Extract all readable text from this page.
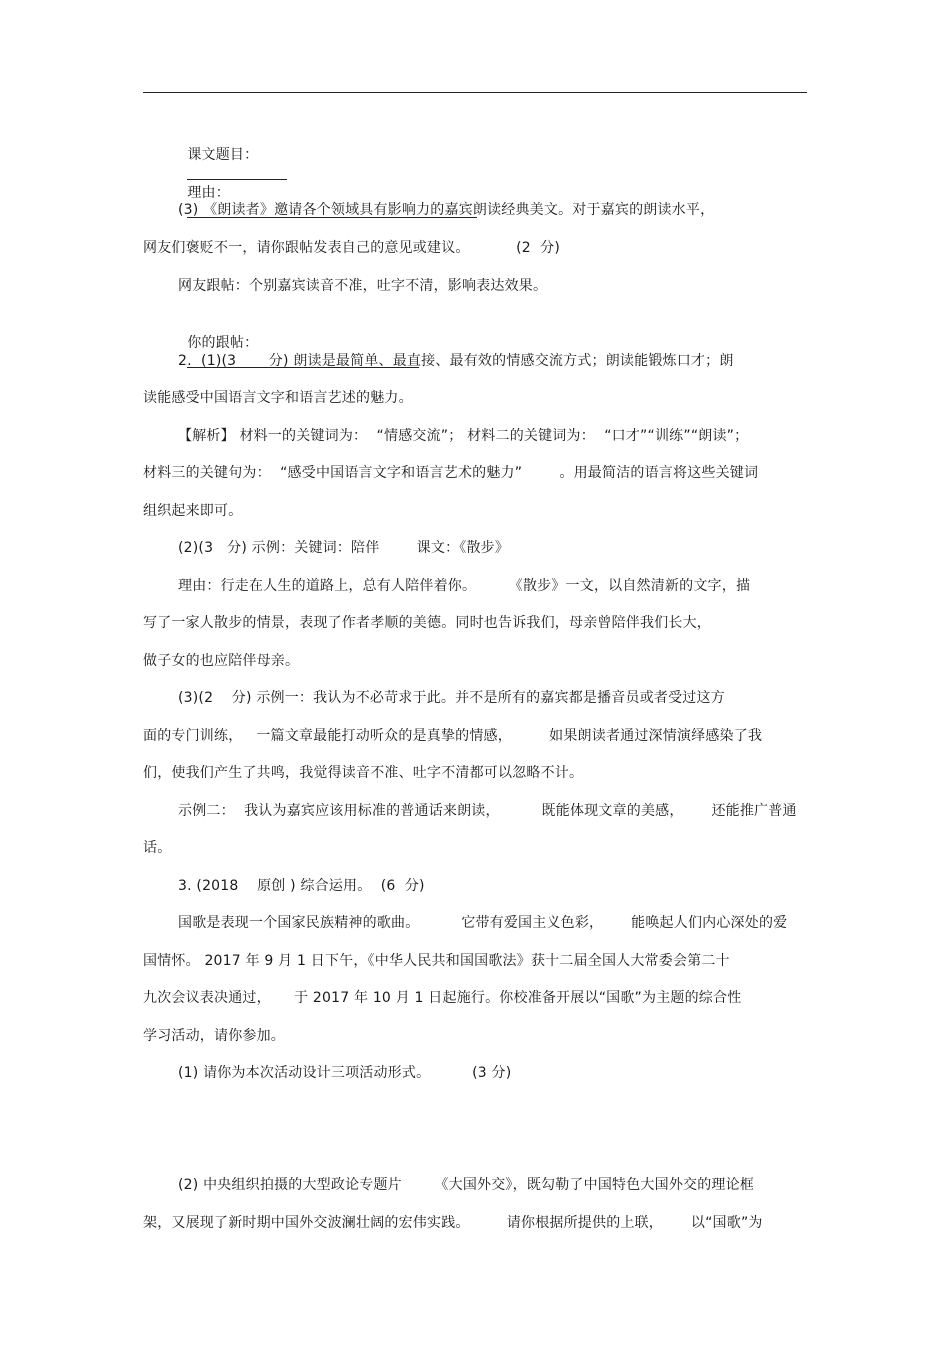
课文题目：

理由：

(3) 《朗读者》邀请各个领域具有影响力的嘉宾朗读经典美文。对于嘉宾的朗读水平，
网友们褒贬不一，请你跟帖发表自己的意见或建议。          (2  分)
网友跟帖：个别嘉宾读音不准，吐字不清，影响表达效果。

你的跟帖：

2.  (1)(3       分) 朗读是最简单、最直接、最有效的情感交流方式；朗读能锻炼口才；朗
读能感受中国语言文字和语言艺述的魅力。
【解析】 材料一的关键词为：  “情感交流”； 材料二的关键词为：  “口才”“训练”“朗读”；
材料三的关键句为：  “感受中国语言文字和语言艺术的魅力”        。用最简洁的语言将这些关键词
组织起来即可。
(2)(3   分) 示例：关键词：陪伴        课文：《散步》
理由：行走在人生的道路上，总有人陪伴着你。       《散步》一文，以自然清新的文字，描
写了一家人散步的情景，表现了作者孝顺的美德。同时也告诉我们，母亲曾陪伴我们长大，
做子女的也应陪伴母亲。
(3)(2    分) 示例一：我认为不必苛求于此。并不是所有的嘉宾都是播音员或者受过这方
面的专门训练，   一篇文章最能打动听众的是真挚的情感，        如果朗读者通过深情演绎感染了我
们，使我们产生了共鸣，我觉得读音不准、吐字不清都可以忽略不计。
示例二：  我认为嘉宾应该用标准的普通话来朗读，         既能体现文章的美感，      还能推广普通
话。
3. (2018    原创 ) 综合运用。  (6  分)
国歌是表现一个国家民族精神的歌曲。         它带有爱国主义色彩，      能唤起人们内心深处的爱
国情怀。 2017 年 9 月 1 日下午，《中华人民共和国国歌法》获十二届全国人大常委会第二十
九次会议表决通过，     于 2017 年 10 月 1 日起施行。你校准备开展以“国歌”为主题的综合性
学习活动，请你参加。
(1) 请你为本次活动设计三项活动形式。         (3 分)
(2) 中央组织拍摄的大型政论专题片       《大国外交》，既勾勒了中国特色大国外交的理论框
架，又展现了新时期中国外交波澜壮阔的宏伟实践。        请你根据所提供的上联，      以“国歌”为
